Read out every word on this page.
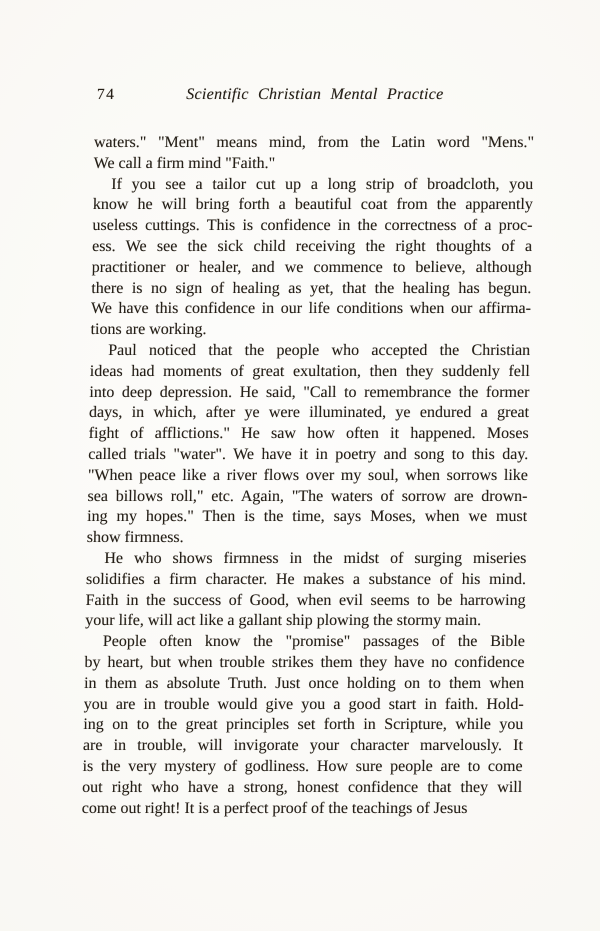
74	Scientific Christian Mental Practice
waters." "Ment" means mind, from the Latin word "Mens."
We call a firm mind "Faith."
If you see a tailor cut up a long strip of broadcloth, you
know he will bring forth a beautiful coat from the apparently
useless cuttings. This is confidence in the correctness of a proc-
ess. We see the sick child receiving the right thoughts of a
practitioner or healer, and we commence to believe, although
there is no sign of healing as yet, that the healing has begun.
We have this confidence in our life conditions when our affirma-
tions are working.
Paul noticed that the people who accepted the Christian
ideas had moments of great exultation, then they suddenly fell
into deep depression. He said, "Call to remembrance the former
days, in which, after ye were illuminated, ye endured a great
fight of afflictions." He saw how often it happened. Moses
called trials "water". We have it in poetry and song to this day.
"When peace like a river flows over my soul, when sorrows like
sea billows roll," etc. Again, "The waters of sorrow are drown-
ing my hopes." Then is the time, says Moses, when we must
show firmness.
He who shows firmness in the midst of surging miseries
solidifies a firm character. He makes a substance of his mind.
Faith in the success of Good, when evil seems to be harrowing
your life, will act like a gallant ship plowing the stormy main.
People often know the "promise" passages of the Bible
by heart, but when trouble strikes them they have no confidence
in them as absolute Truth. Just once holding on to them when
you are in trouble would give you a good start in faith. Hold-
ing on to the great principles set forth in Scripture, while you
are in trouble, will invigorate your character marvelously. It
is the very mystery of godliness. How sure people are to come
out right who have a strong, honest confidence that they will
come out right! It is a perfect proof of the teachings of Jesus
